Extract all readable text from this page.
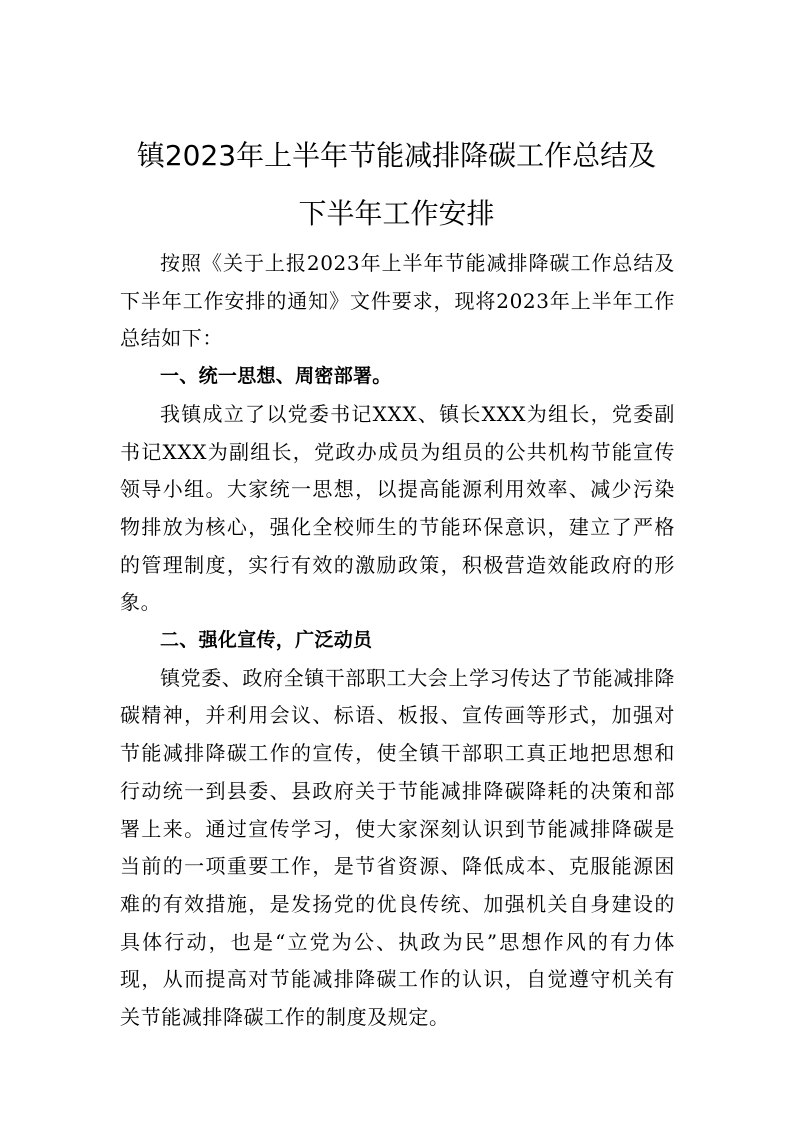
镇2023年上半年节能减排降碳工作总结及
下半年工作安排

按照《关于上报2023年上半年节能减排降碳工作总结及下半年工作安排的通知》文件要求，现将2023年上半年工作总结如下：

一、统一思想、周密部署。

我镇成立了以党委书记XXX、镇长XXX为组长，党委副书记XXX为副组长，党政办成员为组员的公共机构节能宣传领导小组。大家统一思想，以提高能源利用效率、减少污染物排放为核心，强化全校师生的节能环保意识，建立了严格的管理制度，实行有效的激励政策，积极营造效能政府的形象。

二、强化宣传，广泛动员

镇党委、政府全镇干部职工大会上学习传达了节能减排降碳精神，并利用会议、标语、板报、宣传画等形式，加强对节能减排降碳工作的宣传，使全镇干部职工真正地把思想和行动统一到县委、县政府关于节能减排降碳降耗的决策和部署上来。通过宣传学习，使大家深刻认识到节能减排降碳是当前的一项重要工作，是节省资源、降低成本、克服能源困难的有效措施，是发扬党的优良传统、加强机关自身建设的具体行动，也是“立党为公、执政为民”思想作风的有力体现，从而提高对节能减排降碳工作的认识，自觉遵守机关有关节能减排降碳工作的制度及规定。
